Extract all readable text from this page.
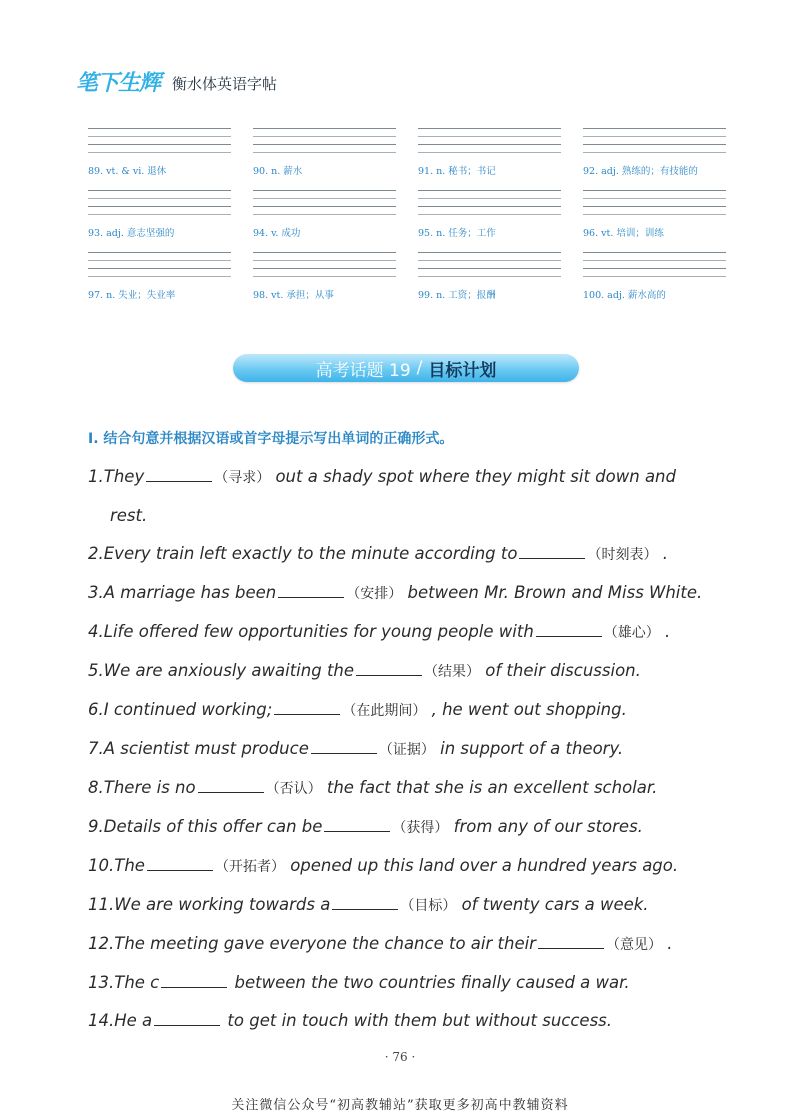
笔下生辉 衡水体英语字帖
89. vt. & vi. 退休	90. n. 薪水	91. n. 秘书；书记	92. adj. 熟练的；有技能的
93. adj. 意志坚强的	94. v. 成功	95. n. 任务；工作	96. vt. 培训；训练
97. n. 失业；失业率	98. vt. 承担；从事	99. n. 工资；报酬	100. adj. 薪水高的
高考话题 19 / 目标计划
I. 结合句意并根据汉语或首字母提示写出单词的正确形式。
1.They	（寻求） out a shady spot where they might sit down and
rest.
2.Every train left exactly to the minute according to	（时刻表） .
3.A marriage has been	（安排） between Mr. Brown and Miss White.
4.Life offered few opportunities for young people with	（雄心） .
5.We are anxiously awaiting the	（结果） of their discussion.
6.I continued working;	（在此期间） , he went out shopping.
7.A scientist must produce	（证据） in support of a theory.
8.There is no	（否认） the fact that she is an excellent scholar.
9.Details of this offer can be	（获得） from any of our stores.
10.The	（开拓者） opened up this land over a hundred years ago.
11.We are working towards a	（目标） of twenty cars a week.
12.The meeting gave everyone the chance to air their	（意见） .
13.The c	between the two countries finally caused a war.
14.He a	to get in touch with them but without success.
· 76 ·
关注微信公众号“初高教辅站”获取更多初高中教辅资料
